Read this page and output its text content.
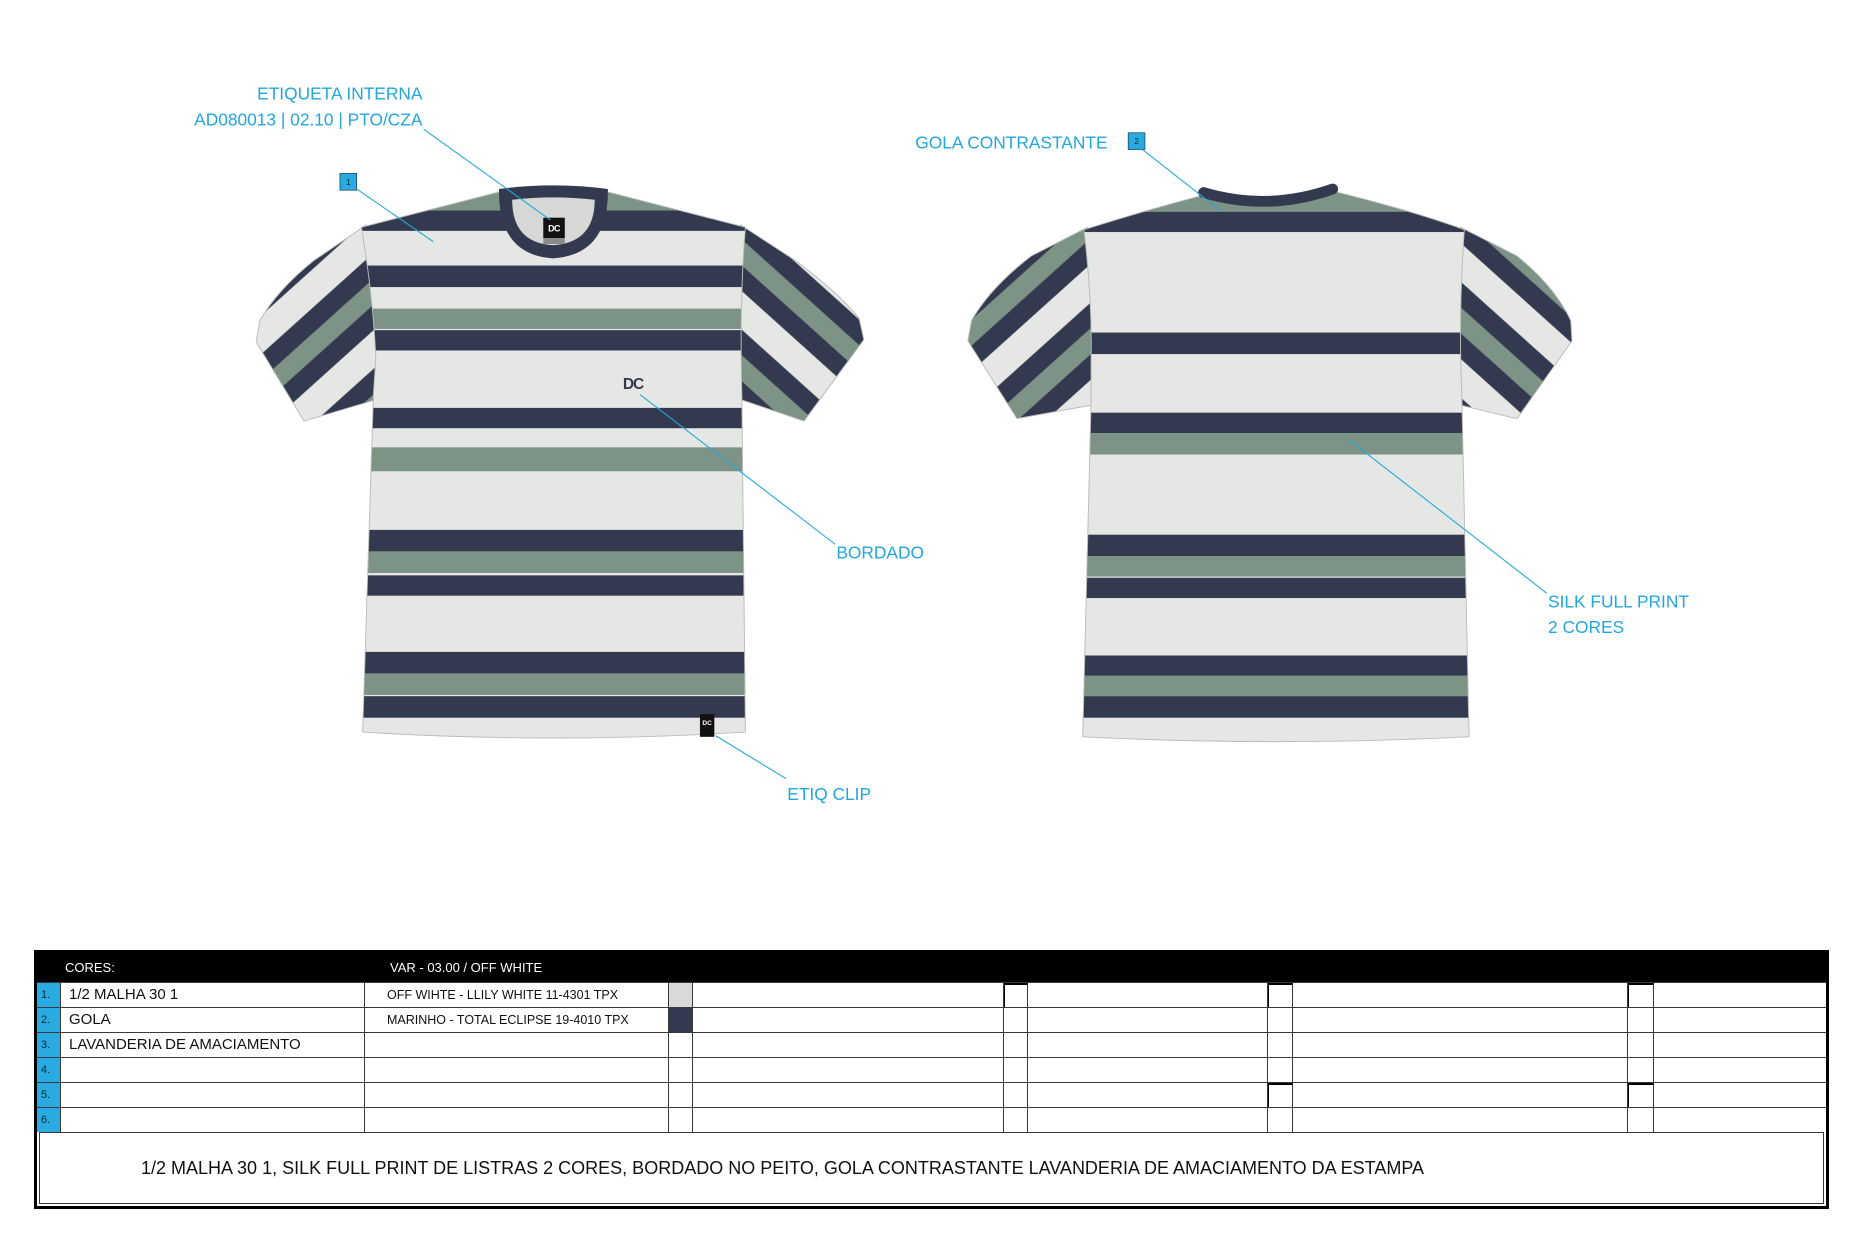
DC
DC
DC
ETIQUETA INTERNA
AD080013 | 02.10 | PTO/CZA
1
GOLA CONTRASTANTE	2
BORDADO
ETIQ CLIP
SILK FULL PRINT
2 CORES
CORES:	VAR - 03.00 / OFF WHITE
1.	1/2 MALHA 30 1	OFF WIHTE - LLILY WHITE 11-4301 TPX
2.	GOLA	MARINHO - TOTAL ECLIPSE 19-4010 TPX
3.	LAVANDERIA DE AMACIAMENTO
4.
5.
6.
1/2 MALHA 30 1, SILK FULL PRINT DE LISTRAS 2 CORES, BORDADO NO PEITO, GOLA CONTRASTANTE LAVANDERIA DE AMACIAMENTO DA ESTAMPA
